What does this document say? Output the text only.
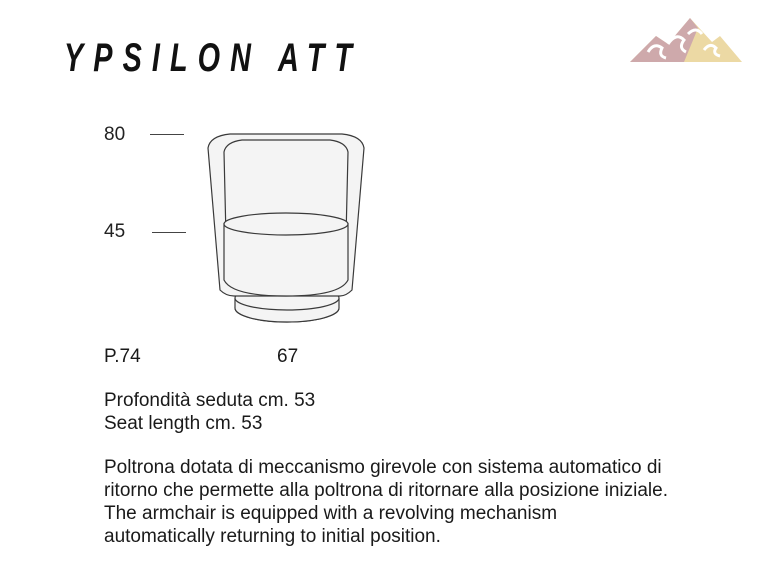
YPSILON ATT
80
45
P.74	67
Profondità seduta cm. 53
Seat length cm. 53
Poltrona dotata di meccanismo girevole con sistema automatico di
ritorno che permette alla poltrona di ritornare alla posizione iniziale.
The armchair is equipped with a revolving mechanism
automatically returning to initial position.
